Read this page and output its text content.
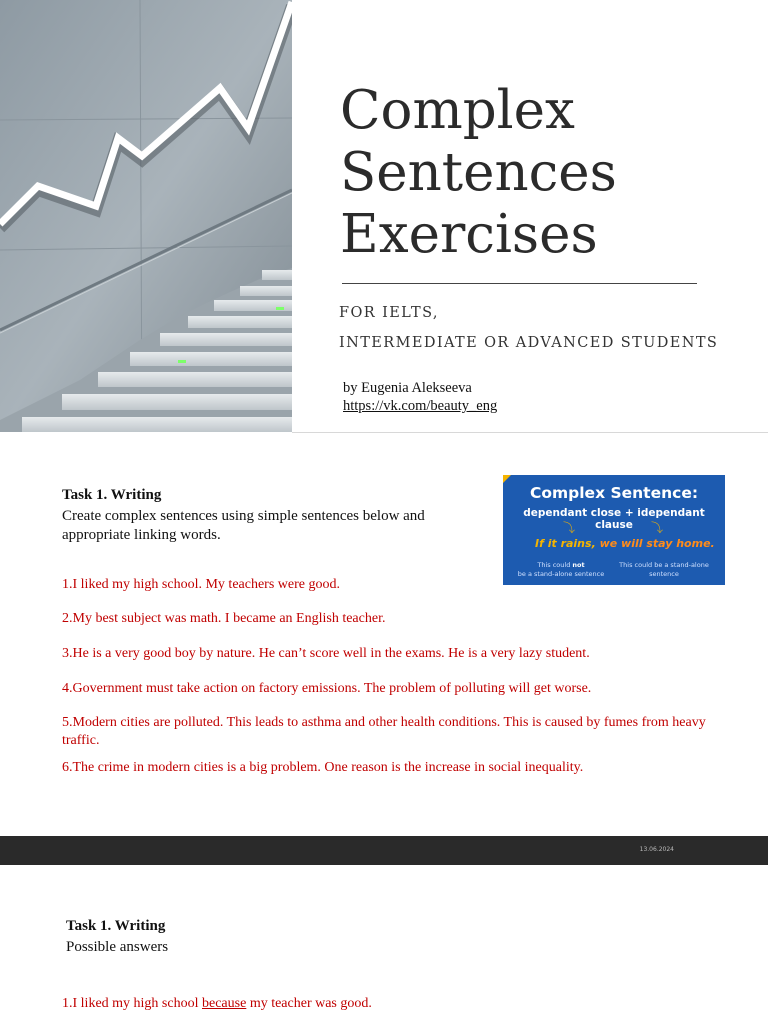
Complex
Sentences
Exercises
FOR IELTS,
INTERMEDIATE OR ADVANCED STUDENTS
by Eugenia Alekseeva
https://vk.com/beauty_eng
Task 1. Writing
Create complex sentences using simple sentences below and appropriate linking words.
Complex Sentence:
dependant close + idependant clause
⤵	⤵
If it rains, we will stay home.
This could not
be a stand-alone sentence
This could be a stand-alone sentence
1.I liked my high school. My teachers were good.
2.My best subject was math. I became an English teacher.
3.He is a very good boy by nature. He can’t score well in the exams. He is a very lazy student.
4.Government must take action on factory emissions. The problem of polluting will get worse.
5.Modern cities are polluted. This leads to asthma and other health conditions. This is caused by fumes from heavy traffic.
6.The crime in modern cities is a big problem. One reason is the increase in social inequality.
13.06.2024
Task 1. Writing
Possible answers
1.I liked my high school because my teacher was good.
